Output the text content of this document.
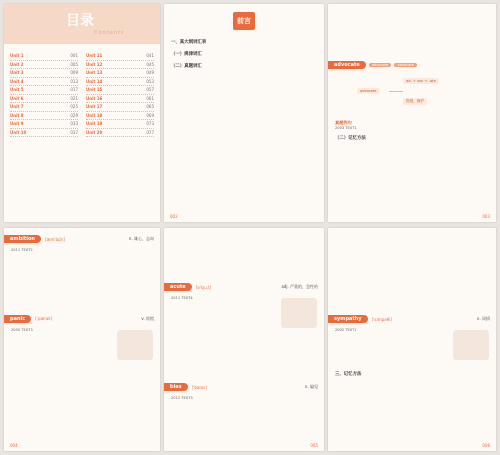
目录
Contents
Unit 1	001
Unit 2	005
Unit 3	009
Unit 4	013
Unit 5	017
Unit 6	021
Unit 7	025
Unit 8	029
Unit 9	033
Unit 10	037
Unit 11	041
Unit 12	045
Unit 13	049
Unit 14	053
Unit 15	057
Unit 16	061
Unit 17	065
Unit 18	069
Unit 19	073
Unit 20	077
前言
一、真大纲词汇表
（一）规律词汇
（二）真题词汇
002
advocate	advocate	advocate
advocate
ad- + voc + -ate
提倡，拥护
真题例句
2003 TEXT1
（二）记忆方法
003
ambition	[æmˈbɪʃn]	n. 雄心，志向
2011 TEXT2
panic	[ˈpænɪk]	v. 惊慌
2005 TEXT3
004
acute	[əˈkjuːt]	adj. 严重的，急性的
2011 TEXT4
bias	[ˈbaɪəs]	n. 偏见
2012 TEXT3
005
sympathy	[ˈsɪmpəθi]	n. 同情
2002 TEXT1
三、记忆方法
006
